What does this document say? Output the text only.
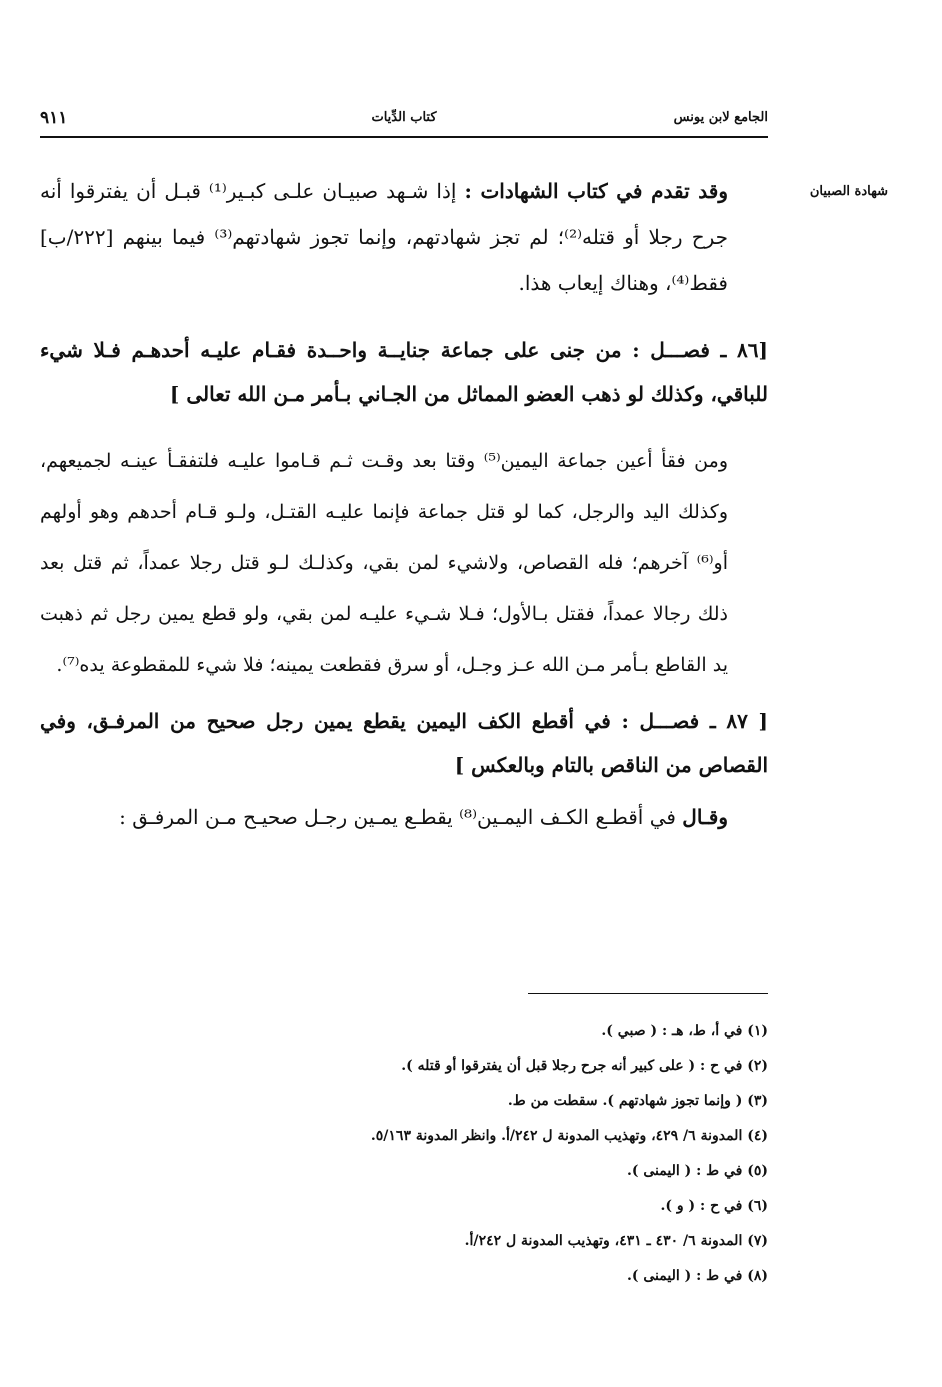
٩١١	كتاب الدِّيات	الجامع لابن يونس
شهادة الصبيان

وقد تقدم في كتاب الشهادات : إذا شـهد صبيـان علـى كبـير⁽¹⁾ قبـل أن يفترقوا أنه جرح رجلا أو قتله⁽²⁾؛ لم تجز شهادتهم، وإنما تجوز شهادتهم⁽³⁾ فيما بينهم [٢٢٢/ب] فقط⁽⁴⁾، وهناك إيعاب هذا.

[٨٦ ـ فصـــل : من جنى على جماعة جنايــة واحــدة فقـام عليـه أحدهـم فـلا شيء للباقي، وكذلك لو ذهب العضو المماثل من الجـاني بـأمر مـن الله تعالى ]

ومن فقأ أعين جماعة اليمين⁽⁵⁾ وقتا بعد وقـت ثـم قـاموا عليـه فلتفقـأ عينـه لجميعهم، وكذلك اليد والرجل، كما لو قتل جماعة فإنما عليـه القتـل، ولـو قـام أحدهم وهو أولهم أو⁽⁶⁾ آخرهم؛ فله القصاص، ولاشيء لمن بقي، وكذلـك لـو قتل رجلا عمداً، ثم قتل بعد ذلك رجالا عمداً، فقتل بـالأول؛ فـلا شـيء عليـه لمن بقي، ولو قطع يمين رجل ثم ذهبت يد القاطع بـأمر مـن الله عـز وجـل، أو سرق فقطعت يمينه؛ فلا شيء للمقطوعة يده⁽⁷⁾.

[ ٨٧ ـ فصـــل : في أقطع الكف اليمين يقطع يمين رجل صحيح من المرفـق، وفي القصاص من الناقص بالتام وبالعكس ]

وقـال في أقطـع الكـف اليمـين⁽⁸⁾ يقطـع يمـين رجـل صحيـح مـن المرفـق :

(١) في أ، ط، هـ : ( صبي ).
(٢) في ح : ( على كبير أنه جرح رجلا قبل أن يفترقوا أو قتله ).
(٣) ( وإنما تجوز شهادتهم ). سقطت من ط.
(٤) المدونة ٦/ ٤٢٩، وتهذيب المدونة ل ٢٤٢/أ. وانظر المدونة ٥/١٦٣.
(٥) في ط : ( اليمنى ).
(٦) في ح : ( و ).
(٧) المدونة ٦/ ٤٣٠ ـ ٤٣١، وتهذيب المدونة ل ٢٤٢/أ.
(٨) في ط : ( اليمنى ).
